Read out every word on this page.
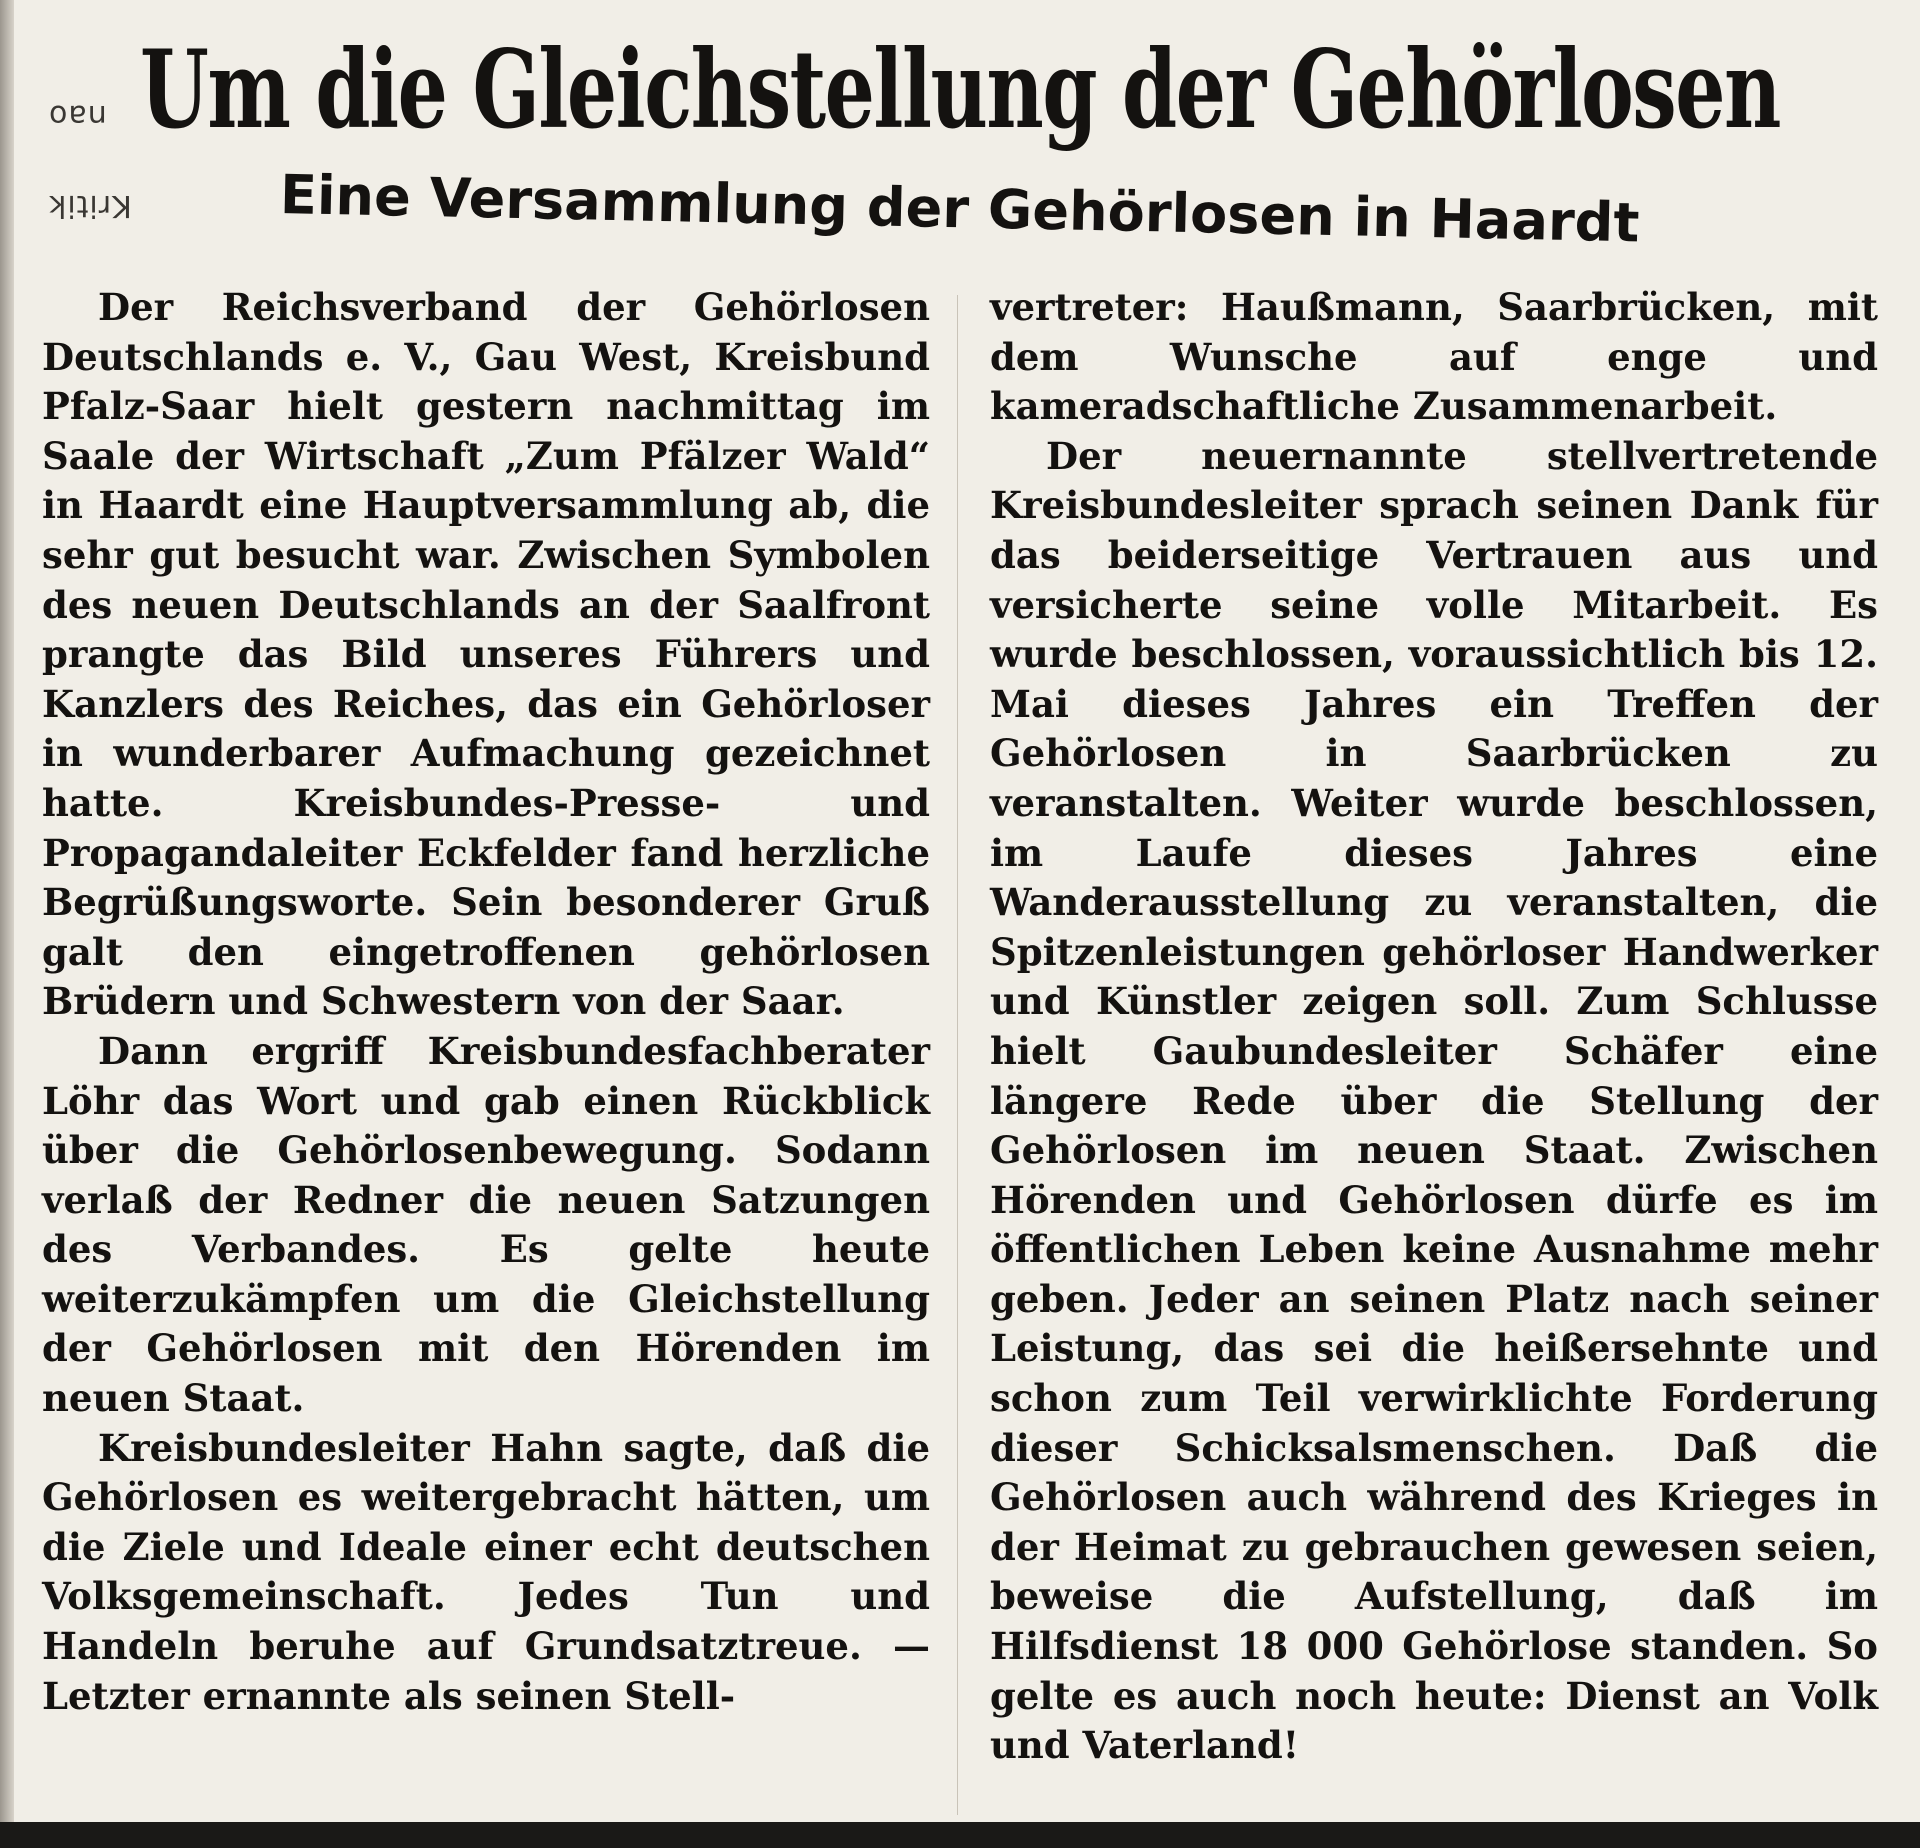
nao
Kritik
Um die Gleichstellung der Gehörlosen
Eine Versammlung der Gehörlosen in Haardt

Der Reichsverband der Gehörlosen Deutschlands e. V., Gau West, Kreisbund Pfalz-Saar hielt gestern nachmittag im Saale der Wirtschaft „Zum Pfälzer Wald“ in Haardt eine Hauptversammlung ab, die sehr gut besucht war. Zwischen Symbolen des neuen Deutschlands an der Saalfront prangte das Bild unseres Führers und Kanzlers des Reiches, das ein Gehörloser in wunderbarer Aufmachung gezeichnet hatte. Kreisbundes-Presse- und Propagandaleiter Eckfelder fand herzliche Begrüßungsworte. Sein besonderer Gruß galt den eingetroffenen gehörlosen Brüdern und Schwestern von der Saar.

Dann ergriff Kreisbundesfachberater Löhr das Wort und gab einen Rückblick über die Gehörlosenbewegung. Sodann verlaß der Redner die neuen Satzungen des Verbandes. Es gelte heute weiterzukämpfen um die Gleichstellung der Gehörlosen mit den Hörenden im neuen Staat.

Kreisbundesleiter Hahn sagte, daß die Gehörlosen es weitergebracht hätten, um die Ziele und Ideale einer echt deutschen Volksgemeinschaft. Jedes Tun und Handeln beruhe auf Grundsatztreue. — Letzter ernannte als seinen Stell-

vertreter: Haußmann, Saarbrücken, mit dem Wunsche auf enge und kameradschaftliche Zusammenarbeit.

Der neuernannte stellvertretende Kreisbundesleiter sprach seinen Dank für das beiderseitige Vertrauen aus und versicherte seine volle Mitarbeit. Es wurde beschlossen, voraussichtlich bis 12. Mai dieses Jahres ein Treffen der Gehörlosen in Saarbrücken zu veranstalten. Weiter wurde beschlossen, im Laufe dieses Jahres eine Wanderausstellung zu veranstalten, die Spitzenleistungen gehörloser Handwerker und Künstler zeigen soll. Zum Schlusse hielt Gaubundesleiter Schäfer eine längere Rede über die Stellung der Gehörlosen im neuen Staat. Zwischen Hörenden und Gehörlosen dürfe es im öffentlichen Leben keine Ausnahme mehr geben. Jeder an seinen Platz nach seiner Leistung, das sei die heißersehnte und schon zum Teil verwirklichte Forderung dieser Schicksalsmenschen. Daß die Gehörlosen auch während des Krieges in der Heimat zu gebrauchen gewesen seien, beweise die Aufstellung, daß im Hilfsdienst 18 000 Gehörlose standen. So gelte es auch noch heute: Dienst an Volk und Vaterland!
